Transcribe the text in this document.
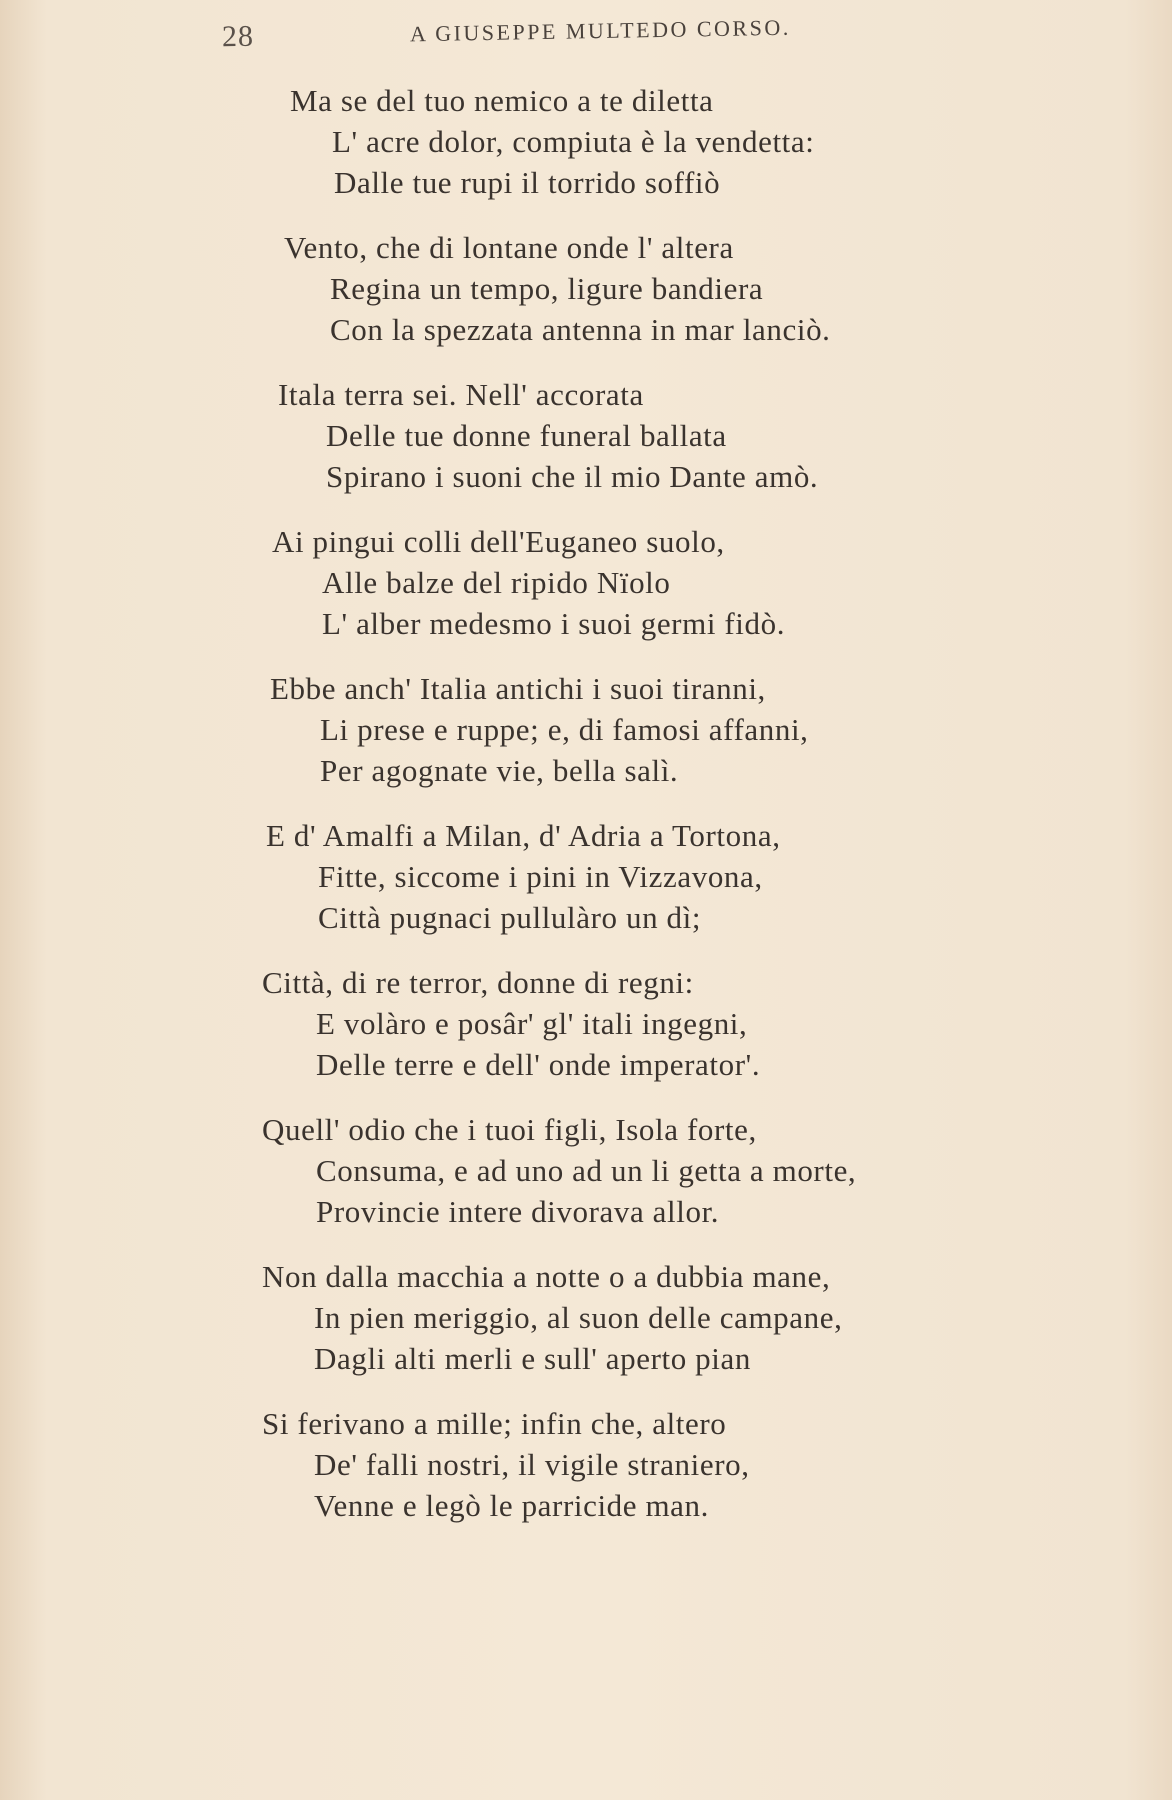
28	A GIUSEPPE MULTEDO CORSO.
Ma se del tuo nemico a te diletta
L' acre dolor, compiuta è la vendetta:
Dalle tue rupi il torrido soffiò
Vento, che di lontane onde l' altera
Regina un tempo, ligure bandiera
Con la spezzata antenna in mar lanciò.
Itala terra sei. Nell' accorata
Delle tue donne funeral ballata
Spirano i suoni che il mio Dante amò.
Ai pingui colli dell'Euganeo suolo,
Alle balze del ripido Nïolo
L' alber medesmo i suoi germi fidò.
Ebbe anch' Italia antichi i suoi tiranni,
Li prese e ruppe; e, di famosi affanni,
Per agognate vie, bella salì.
E d' Amalfi a Milan, d' Adria a Tortona,
Fitte, siccome i pini in Vizzavona,
Città pugnaci pullulàro un dì;
Città, di re terror, donne di regni:
E volàro e posâr' gl' itali ingegni,
Delle terre e dell' onde imperator'.
Quell' odio che i tuoi figli, Isola forte,
Consuma, e ad uno ad un li getta a morte,
Provincie intere divorava allor.
Non dalla macchia a notte o a dubbia mane,
In pien meriggio, al suon delle campane,
Dagli alti merli e sull' aperto pian
Si ferivano a mille; infin che, altero
De' falli nostri, il vigile straniero,
Venne e legò le parricide man.
